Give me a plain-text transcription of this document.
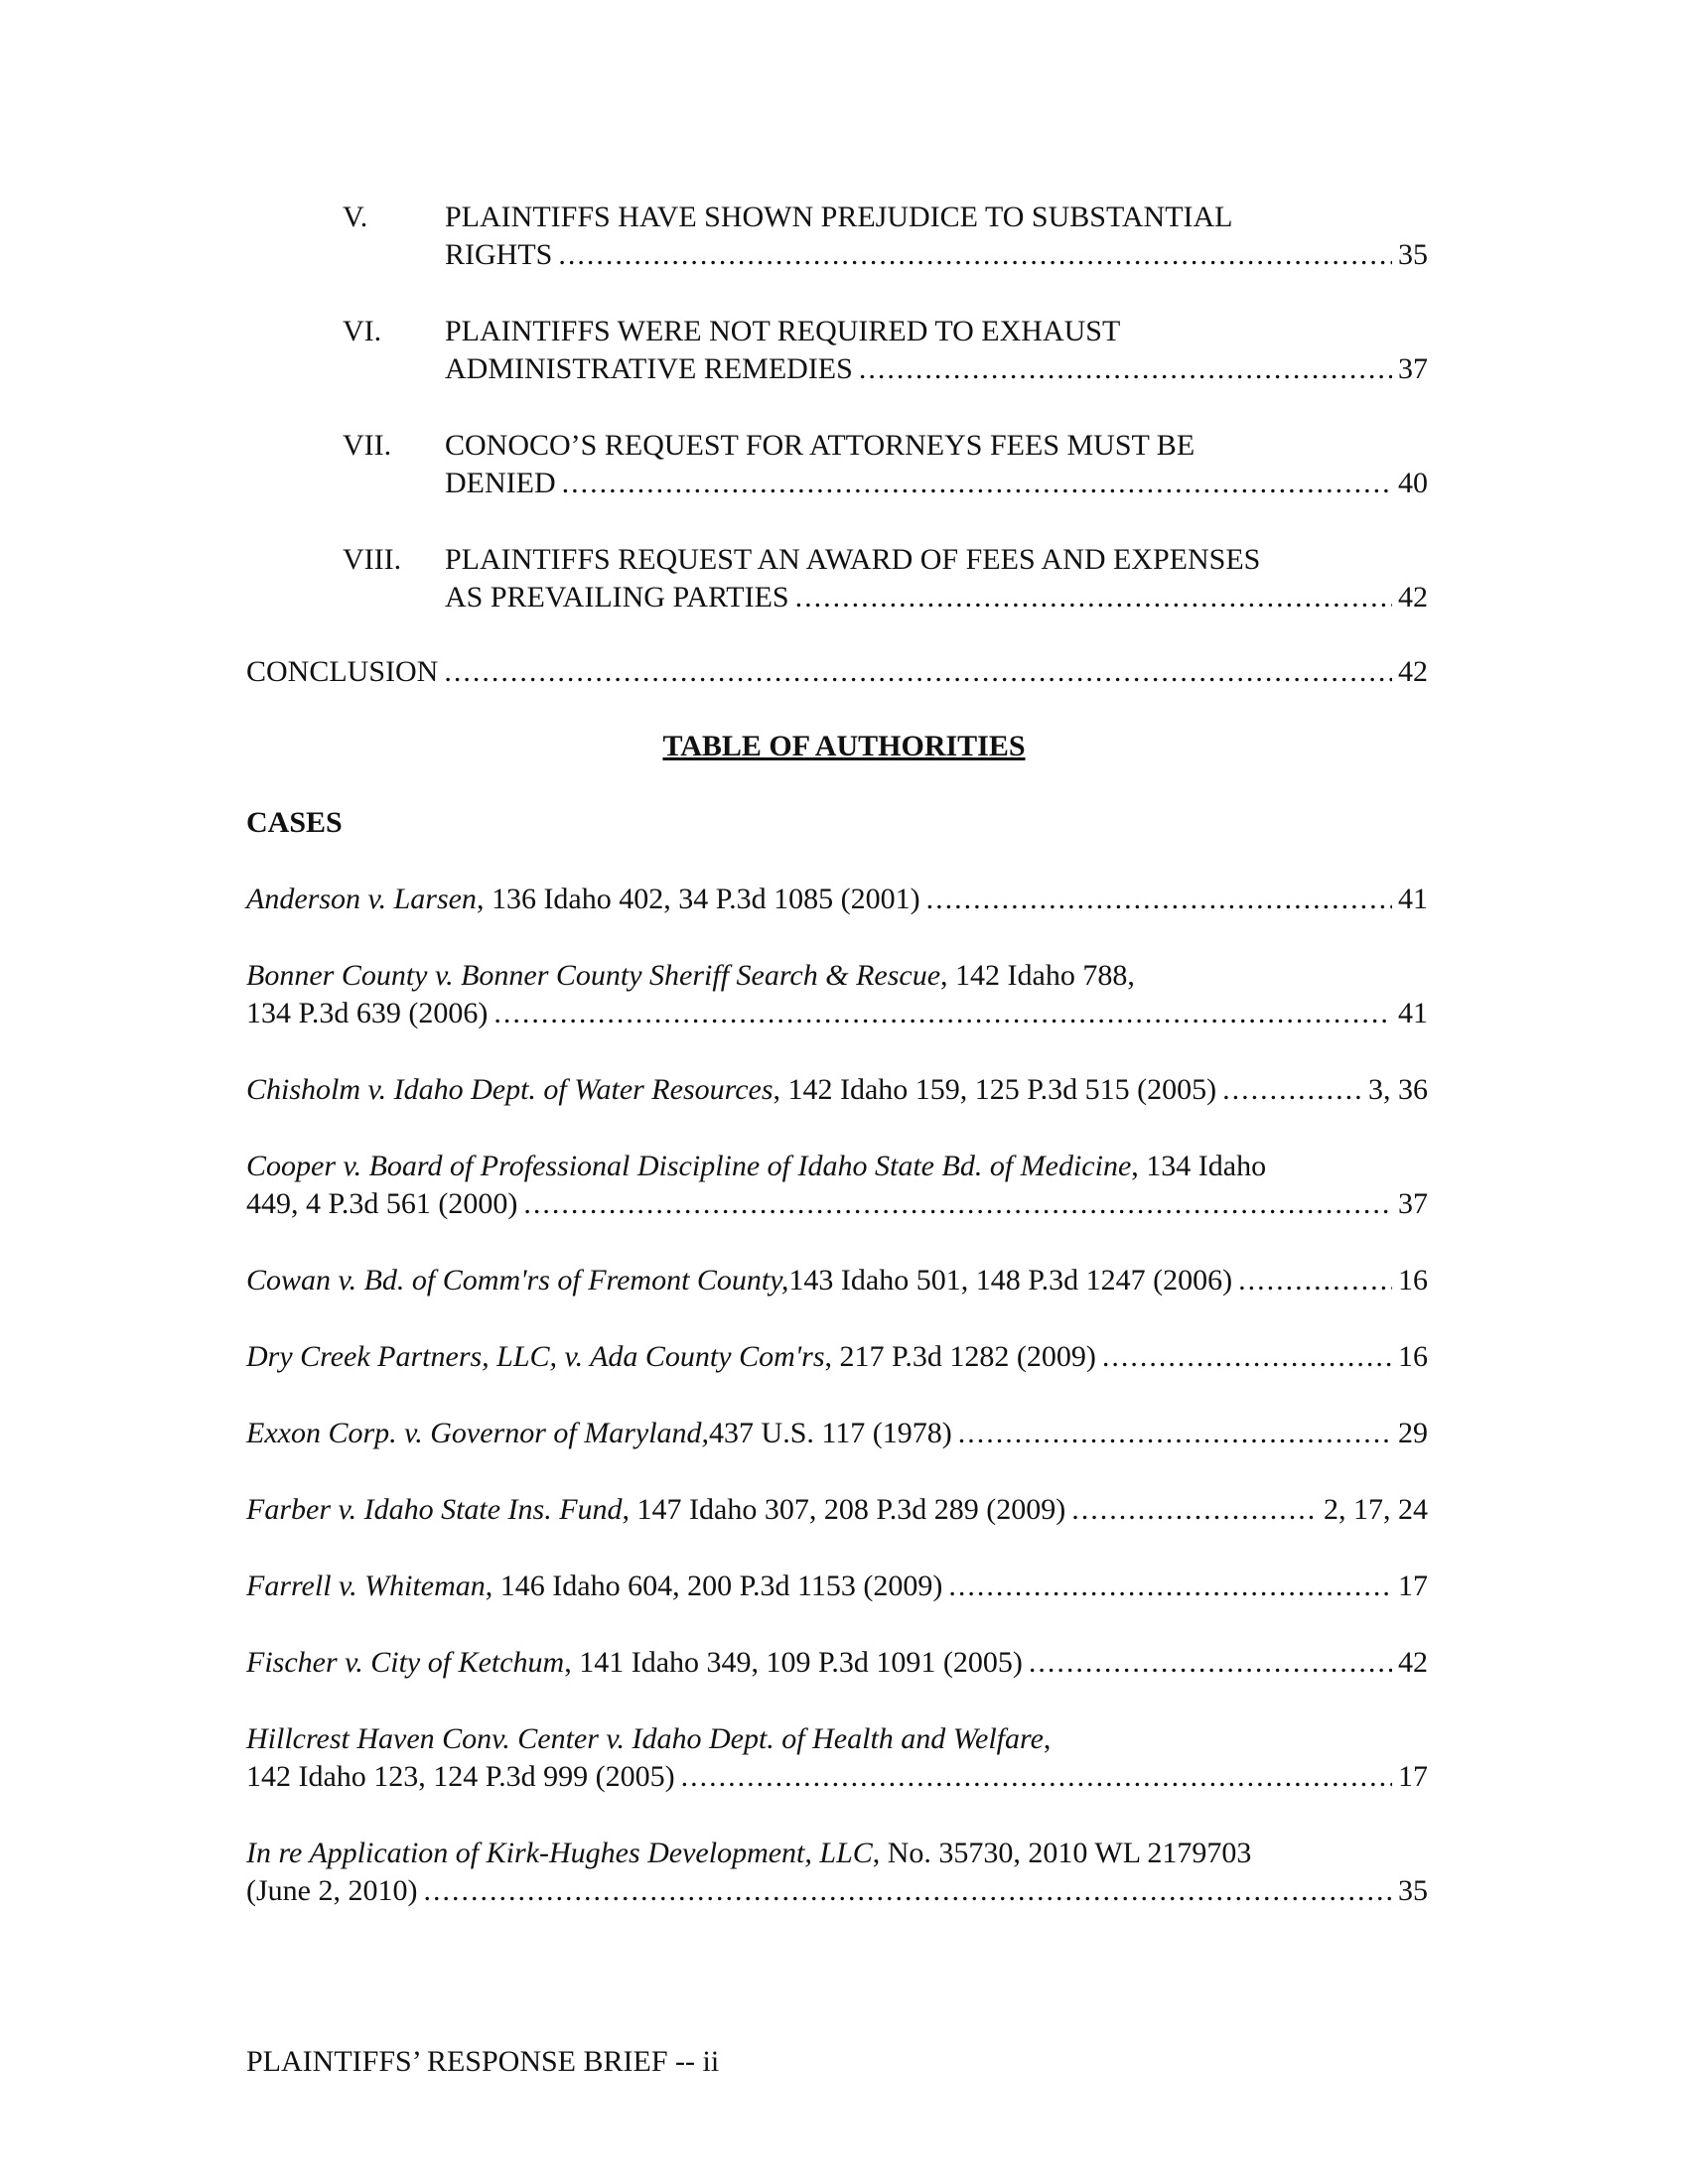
V.	PLAINTIFFS HAVE SHOWN PREJUDICE TO SUBSTANTIAL
RIGHTS .....	35
VI. PLAINTIFFS WERE NOT REQUIRED TO EXHAUST
ADMINISTRATIVE REMEDIES .....	37
VII. CONOCO’S REQUEST FOR ATTORNEYS FEES MUST BE
DENIED .....	40
VIII. PLAINTIFFS REQUEST AN AWARD OF FEES AND EXPENSES
AS PREVAILING PARTIES .....	42
CONCLUSION .....	42
TABLE OF AUTHORITIES
CASES
Anderson v. Larsen , 136 Idaho 402, 34 P.3d 1085 (2001) .....	41
Bonner County v. Bonner County Sheriff Search & Rescue , 142 Idaho 788,
134 P.3d 639 (2006) .....	41
Chisholm v. Idaho Dept. of Water Resources , 142 Idaho 159, 125 P.3d 515 (2005) .....	3, 36
Cooper v. Board of Professional Discipline of Idaho State Bd. of Medicine , 134 Idaho
449, 4 P.3d 561 (2000) .....	37
Cowan v. Bd. of Comm'rs of Fremont County, 143 Idaho 501, 148 P.3d 1247 (2006) .....	16
Dry Creek Partners, LLC, v. Ada County Com'rs , 217 P.3d 1282 (2009) .....	16
Exxon Corp. v. Governor of Maryland, 437 U.S. 117 (1978) .....	29
Farber v. Idaho State Ins. Fund , 147 Idaho 307, 208 P.3d 289 (2009) .....	2, 17, 24
Farrell v. Whiteman , 146 Idaho 604, 200 P.3d 1153 (2009) .....	17
Fischer v. City of Ketchum , 141 Idaho 349, 109 P.3d 1091 (2005) .....	42
Hillcrest Haven Conv. Center v. Idaho Dept. of Health and Welfare ,
142 Idaho 123, 124 P.3d 999 (2005) .....	17
In re Application of Kirk-Hughes Development, LLC , No. 35730, 2010 WL 2179703
(June 2, 2010) .....	35
PLAINTIFFS’ RESPONSE BRIEF -- ii
